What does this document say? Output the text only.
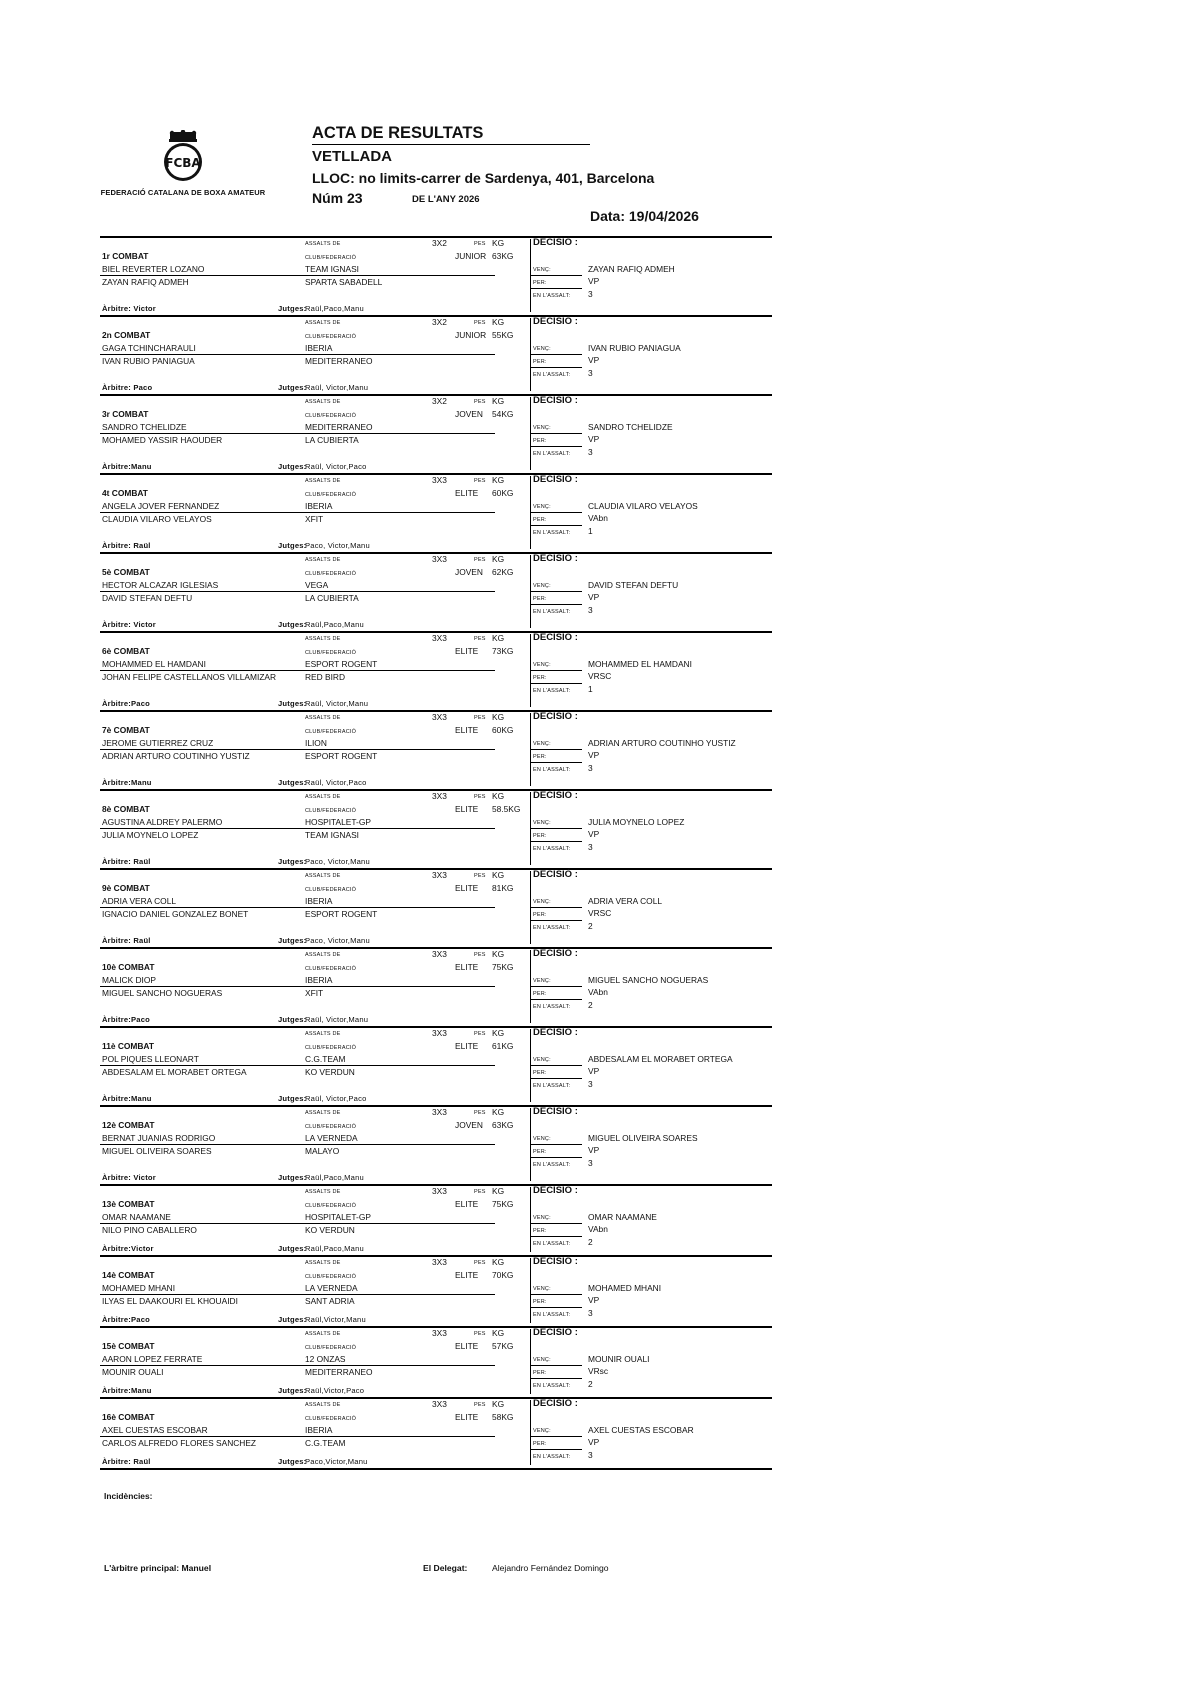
FCBA
FEDERACIÓ CATALANA DE BOXA AMATEUR
ACTA DE RESULTATS
VETLLADA
LLOC: no limits-carrer de Sardenya, 401, Barcelona
Núm 23	DE L'ANY 2026
Data: 19/04/2026
ASSALTS DE	3X2	PES KG	DECISIÓ :
1r COMBAT	CLUB/FEDERACIÓ	JUNIOR 63KG
BIEL REVERTER LOZANO	TEAM IGNASI	VENÇ:	ZAYAN RAFIQ ADMEH
ZAYAN RAFIQ ADMEH	SPARTA SABADELL	PER:	VP
EN L'ASSALT: 3
Àrbitre: Victor	Jutges:
Raül,Paco,Manu
ASSALTS DE	3X2	PES KG	DECISIÓ :
2n COMBAT	CLUB/FEDERACIÓ	JUNIOR 55KG
GAGA TCHINCHARAULI	IBERIA	VENÇ:	IVAN RUBIO PANIAGUA
IVAN RUBIO PANIAGUA	MEDITERRANEO	PER:	VP
EN L'ASSALT: 3
Àrbitre: Paco	Jutges:
Raül, Victor,Manu
ASSALTS DE	3X2	PES KG	DECISIÓ :
3r COMBAT	CLUB/FEDERACIÓ	JOVEN 54KG
SANDRO TCHELIDZE	MEDITERRANEO	VENÇ:	SANDRO TCHELIDZE
MOHAMED YASSIR HAOUDER	LA CUBIERTA	PER:	VP
EN L'ASSALT: 3
Àrbitre:Manu	Jutges:
Raül, Victor,Paco
ASSALTS DE	3X3	PES KG	DECISIÓ :
4t COMBAT	CLUB/FEDERACIÓ	ELITE 60KG
ANGELA JOVER FERNANDEZ	IBERIA	VENÇ:	CLAUDIA VILARO VELAYOS
CLAUDIA VILARO VELAYOS	XFIT	PER:	VAbn
EN L'ASSALT: 1
Àrbitre: Raül	Jutges:
Paco, Victor,Manu
ASSALTS DE	3X3	PES KG	DECISIÓ :
5è COMBAT	CLUB/FEDERACIÓ	JOVEN 62KG
HECTOR ALCAZAR IGLESIAS	VEGA	VENÇ:	DAVID STEFAN DEFTU
DAVID STEFAN DEFTU	LA CUBIERTA	PER:	VP
EN L'ASSALT: 3
Àrbitre: Victor	Jutges:
Raül,Paco,Manu
ASSALTS DE	3X3	PES KG	DECISIÓ :
6è COMBAT	CLUB/FEDERACIÓ	ELITE 73KG
MOHAMMED EL HAMDANI	ESPORT ROGENT	VENÇ:	MOHAMMED EL HAMDANI
JOHAN FELIPE CASTELLANOS VILLAMIZAR	RED BIRD	PER:	VRSC
EN L'ASSALT: 1
Àrbitre:Paco	Jutges:
Raül, Victor,Manu
ASSALTS DE	3X3	PES KG	DECISIÓ :
7è COMBAT	CLUB/FEDERACIÓ	ELITE 60KG
JEROME GUTIERREZ CRUZ	ILION	VENÇ:	ADRIAN ARTURO COUTINHO YUSTIZ
ADRIAN ARTURO COUTINHO YUSTIZ	ESPORT ROGENT	PER:	VP
EN L'ASSALT: 3
Àrbitre:Manu	Jutges:
Raül, Victor,Paco
ASSALTS DE	3X3	PES KG	DECISIÓ :
8è COMBAT	CLUB/FEDERACIÓ	ELITE 58.5KG
AGUSTINA ALDREY PALERMO	HOSPITALET-GP	VENÇ:	JULIA MOYNELO LOPEZ
JULIA MOYNELO LOPEZ	TEAM IGNASI	PER:	VP
EN L'ASSALT: 3
Àrbitre: Raül	Jutges:
Paco, Victor,Manu
ASSALTS DE	3X3	PES KG	DECISIÓ :
9è COMBAT	CLUB/FEDERACIÓ	ELITE 81KG
ADRIA VERA COLL	IBERIA	VENÇ:	ADRIA VERA COLL
IGNACIO DANIEL GONZALEZ BONET	ESPORT ROGENT	PER:	VRSC
EN L'ASSALT: 2
Àrbitre: Raül	Jutges:
Paco, Victor,Manu
ASSALTS DE	3X3	PES KG	DECISIÓ :
10è COMBAT	CLUB/FEDERACIÓ	ELITE 75KG
MALICK DIOP	IBERIA	VENÇ:	MIGUEL SANCHO NOGUERAS
MIGUEL SANCHO NOGUERAS	XFIT	PER:	VAbn
EN L'ASSALT: 2
Àrbitre:Paco	Jutges:
Raül, Victor,Manu
ASSALTS DE	3X3	PES KG	DECISIÓ :
11è COMBAT	CLUB/FEDERACIÓ	ELITE 61KG
POL PIQUES LLEONART	C.G.TEAM	VENÇ:	ABDESALAM EL MORABET ORTEGA
ABDESALAM EL MORABET ORTEGA	KO VERDUN	PER:	VP
EN L'ASSALT: 3
Àrbitre:Manu	Jutges:
Raül, Victor,Paco
ASSALTS DE	3X3	PES KG	DECISIÓ :
12è COMBAT	CLUB/FEDERACIÓ	JOVEN 63KG
BERNAT JUANIAS RODRIGO	LA VERNEDA	VENÇ:	MIGUEL OLIVEIRA SOARES
MIGUEL OLIVEIRA SOARES	MALAYO	PER:	VP
EN L'ASSALT: 3
Àrbitre: Victor	Jutges:
Raül,Paco,Manu
ASSALTS DE	3X3	PES KG	DECISIÓ :
13è COMBAT	CLUB/FEDERACIÓ	ELITE 75KG
OMAR NAAMANE	HOSPITALET-GP	VENÇ:	OMAR NAAMANE
NILO PINO CABALLERO	KO VERDUN	PER:	VAbn
EN L'ASSALT: 2
Àrbitre:Victor	Jutges:
Raül,Paco,Manu
ASSALTS DE	3X3	PES KG	DECISIÓ :
14è COMBAT	CLUB/FEDERACIÓ	ELITE 70KG
MOHAMED MHANI	LA VERNEDA	VENÇ:	MOHAMED MHANI
ILYAS EL DAAKOURI EL KHOUAIDI	SANT ADRIA	PER:	VP
EN L'ASSALT: 3
Àrbitre:Paco	Jutges:
Raül,Victor,Manu
ASSALTS DE	3X3	PES KG	DECISIÓ :
15è COMBAT	CLUB/FEDERACIÓ	ELITE 57KG
AARON LOPEZ FERRATE	12 ONZAS	VENÇ:	MOUNIR OUALI
MOUNIR OUALI	MEDITERRANEO	PER:	VRsc
EN L'ASSALT: 2
Àrbitre:Manu	Jutges:
Raül,Victor,Paco
ASSALTS DE	3X3	PES KG	DECISIÓ :
16è COMBAT	CLUB/FEDERACIÓ	ELITE 58KG
AXEL CUESTAS ESCOBAR	IBERIA	VENÇ:	AXEL CUESTAS ESCOBAR
CARLOS ALFREDO FLORES SANCHEZ	C.G.TEAM	PER:	VP
EN L'ASSALT: 3
Àrbitre: Raül	Jutges:
Paco,Victor,Manu
Incidències:
L'àrbitre principal: Manuel	El Delegat:	Alejandro Fernández Domingo
